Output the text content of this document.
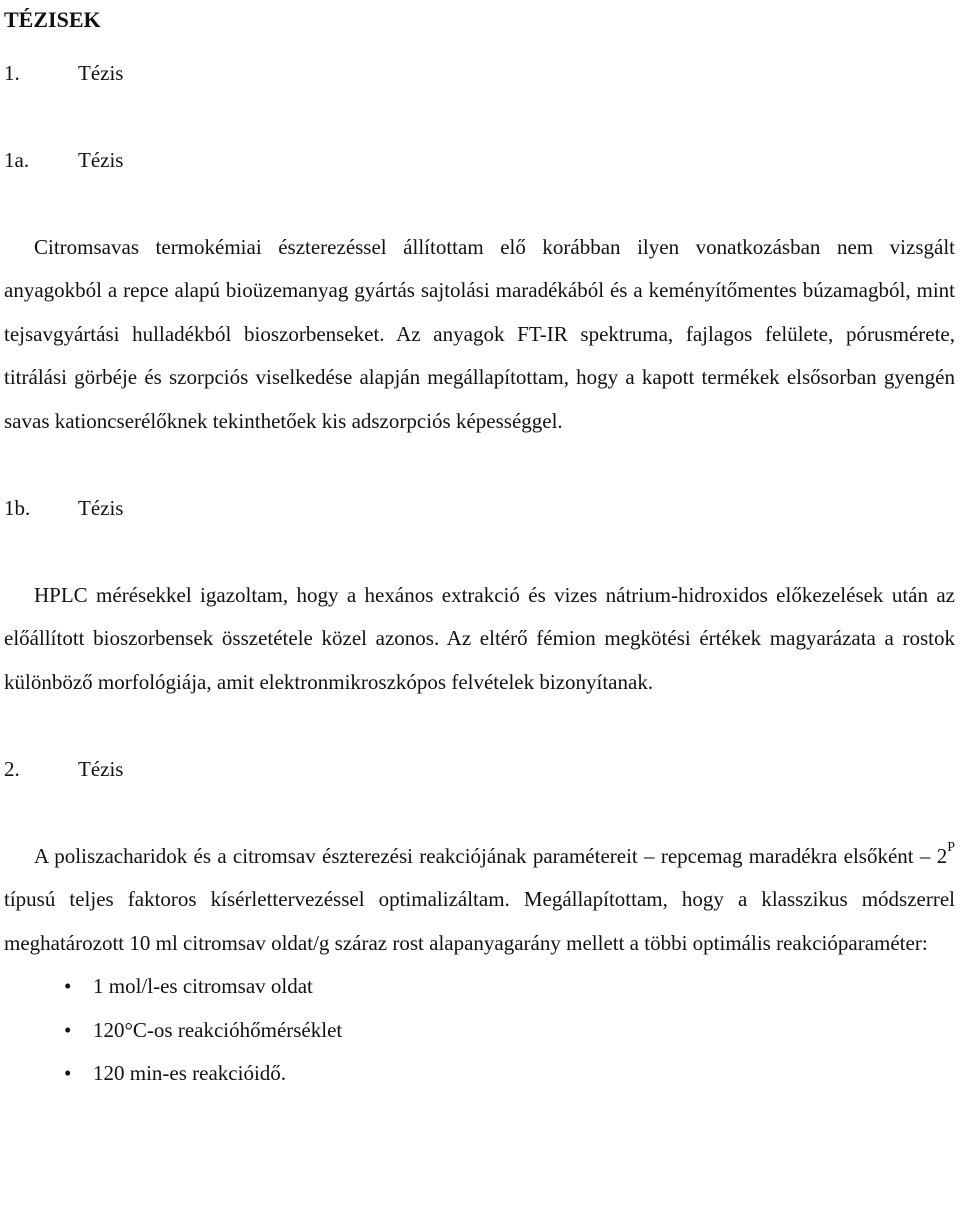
TÉZISEK
1.	Tézis
1a. Tézis

Citromsavas termokémiai észterezéssel állítottam elő korábban ilyen vonatkozásban nem vizsgált anyagokból a repce alapú bioüzemanyag gyártás sajtolási maradékából és a keményítőmentes búzamagból, mint tejsavgyártási hulladékból bioszorbenseket. Az anyagok FT-IR spektruma, fajlagos felülete, pórusmérete, titrálási görbéje és szorpciós viselkedése alapján megállapítottam, hogy a kapott termékek elsősorban gyengén savas kationcserélőknek tekinthetőek kis adszorpciós képességgel.

1b. Tézis

HPLC mérésekkel igazoltam, hogy a hexános extrakció és vizes nátrium-hidroxidos előkezelések után az előállított bioszorbensek összetétele közel azonos. Az eltérő fémion megkötési értékek magyarázata a rostok különböző morfológiája, amit elektronmikroszkópos felvételek bizonyítanak.

2.	Tézis

A poliszacharidok és a citromsav észterezési reakciójának paramétereit – repcemag maradékra elsőként – $2^P$ típusú teljes faktoros kísérlettervezéssel optimalizáltam. Megállapítottam, hogy a klasszikus módszerrel meghatározott 10 ml citromsav oldat/g száraz rost alapanyagarány mellett a többi optimális reakcióparaméter:

• 1 mol/l-es citromsav oldat
• 120°C-os reakcióhőmérséklet
• 120 min-es reakcióidő.
